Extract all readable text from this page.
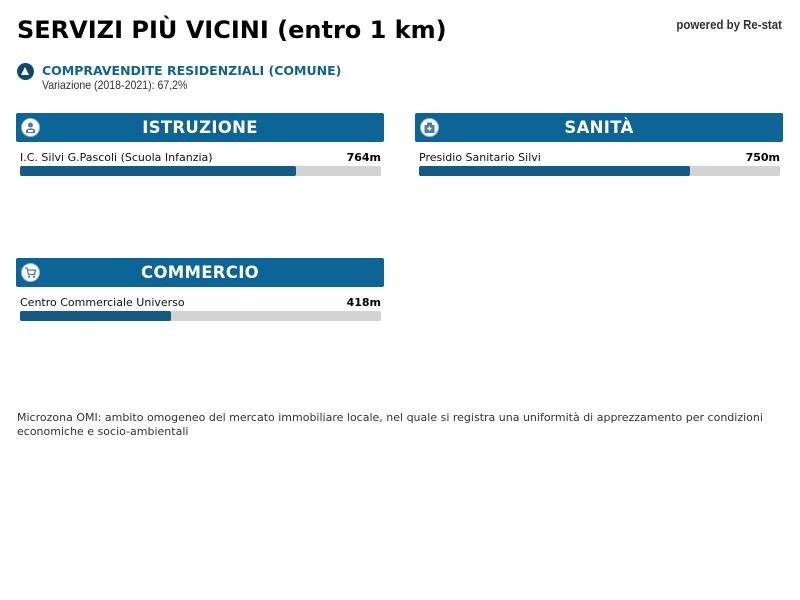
SERVIZI PIÙ VICINI (entro 1 km)	powered by Re-stat
COMPRAVENDITE RESIDENZIALI (COMUNE)
Variazione (2018-2021): 67,2%
ISTRUZIONE
I.C. Silvi G.Pascoli (Scuola Infanzia)	764m
SANITÀ
Presidio Sanitario Silvi	750m
COMMERCIO
Centro Commerciale Universo	418m
Microzona OMI: ambito omogeneo del mercato immobiliare locale, nel quale si registra una uniformità di apprezzamento per condizioni economiche e socio-ambientali
